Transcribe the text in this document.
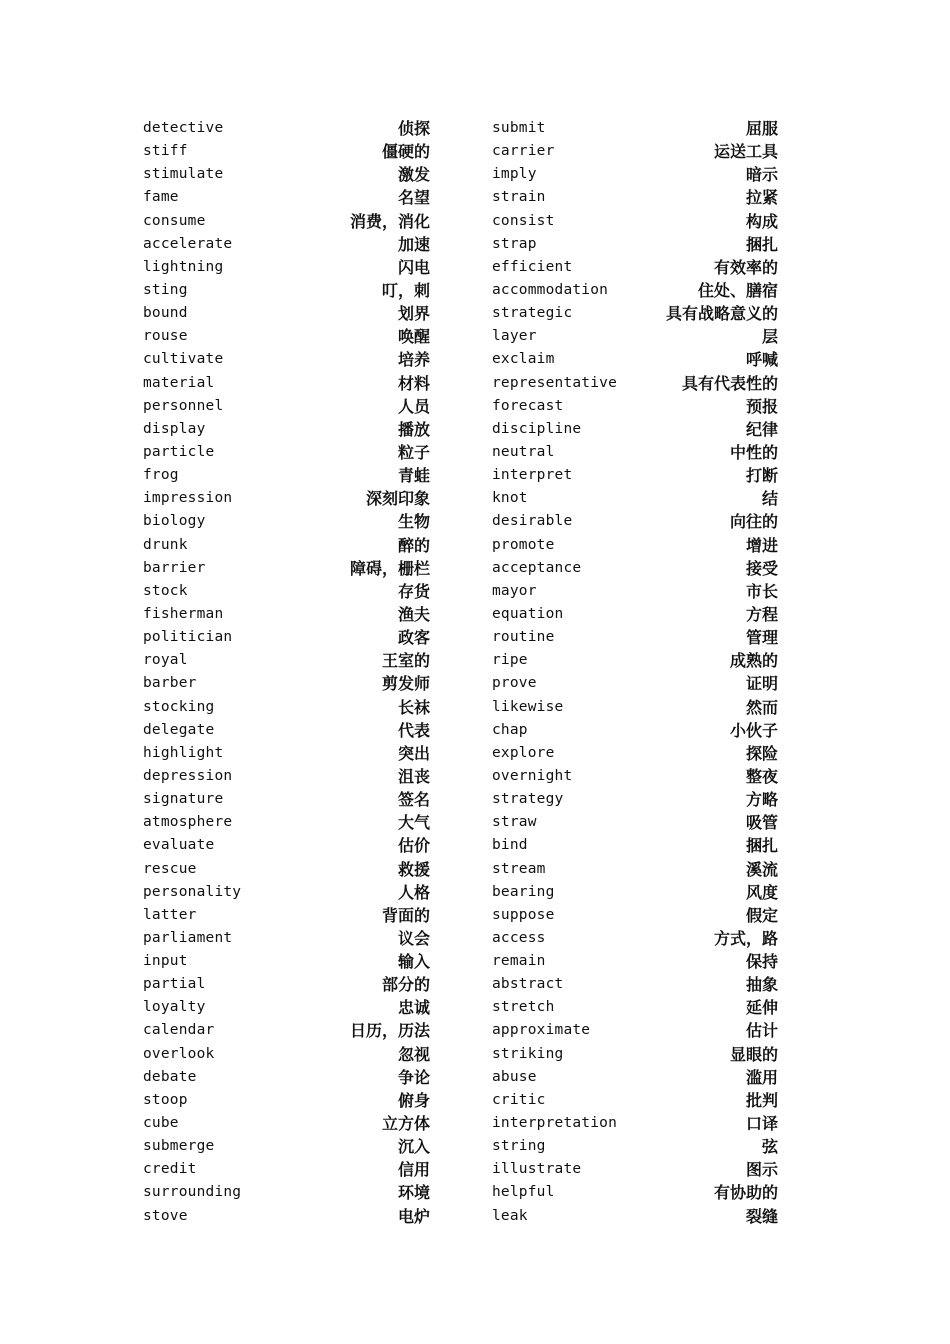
detective	侦探
stiff	僵硬的
stimulate	激发
fame	名望
consume	消费，消化
accelerate	加速
lightning	闪电
sting	叮，刺
bound	划界
rouse	唤醒
cultivate	培养
material	材料
personnel	人员
display	播放
particle	粒子
frog	青蛙
impression	深刻印象
biology	生物
drunk	醉的
barrier	障碍，栅栏
stock	存货
fisherman	渔夫
politician	政客
royal	王室的
barber	剪发师
stocking	长袜
delegate	代表
highlight	突出
depression	沮丧
signature	签名
atmosphere	大气
evaluate	估价
rescue	救援
personality	人格
latter	背面的
parliament	议会
input	输入
partial	部分的
loyalty	忠诚
calendar	日历，历法
overlook	忽视
debate	争论
stoop	俯身
cube	立方体
submerge	沉入
credit	信用
surrounding	环境
stove	电炉
submit	屈服
carrier	运送工具
imply	暗示
strain	拉紧
consist	构成
strap	捆扎
efficient	有效率的
accommodation	住处、膳宿
strategic	具有战略意义的
layer	层
exclaim	呼喊
representative	具有代表性的
forecast	预报
discipline	纪律
neutral	中性的
interpret	打断
knot	结
desirable	向往的
promote	增进
acceptance	接受
mayor	市长
equation	方程
routine	管理
ripe	成熟的
prove	证明
likewise	然而
chap	小伙子
explore	探险
overnight	整夜
strategy	方略
straw	吸管
bind	捆扎
stream	溪流
bearing	风度
suppose	假定
access	方式，路
remain	保持
abstract	抽象
stretch	延伸
approximate	估计
striking	显眼的
abuse	滥用
critic	批判
interpretation	口译
string	弦
illustrate	图示
helpful	有协助的
leak	裂缝
